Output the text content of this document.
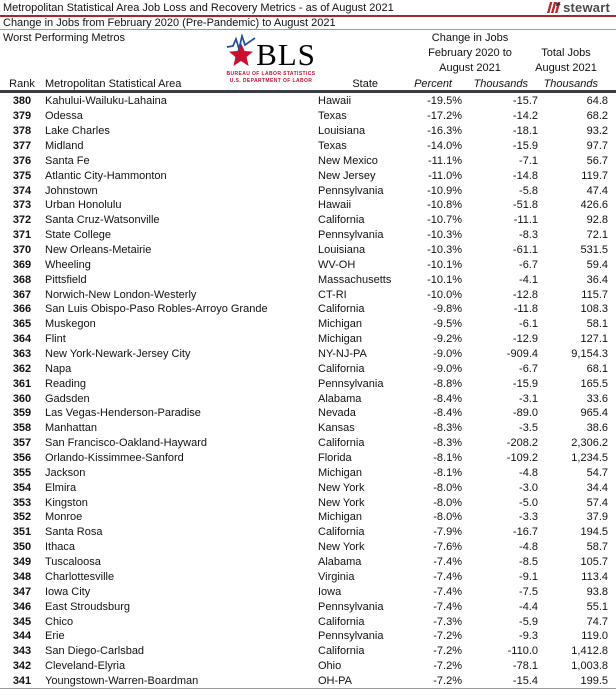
Metropolitan Statistical Area Job Loss and Recovery Metrics - as of August 2021	stewart
Change in Jobs from February 2020 (Pre-Pandemic) to August 2021
Worst Performing Metros	BLS
BUREAU OF LABOR STATISTICS
U.S. DEPARTMENT OF LABOR
Change in Jobs
February 2020 to
August 2021
Total Jobs
August 2021
Rank Metropolitan Statistical Area	State	Percent	Thousands	Thousands
380	Kahului-Wailuku-Lahaina	Hawaii	-19.5%	-15.7	64.8
379	Odessa	Texas	-17.2%	-14.2	68.2
378	Lake Charles	Louisiana	-16.3%	-18.1	93.2
377	Midland	Texas	-14.0%	-15.9	97.7
376	Santa Fe	New Mexico	-11.1%	-7.1	56.7
375	Atlantic City-Hammonton	New Jersey	-11.0%	-14.8	119.7
374	Johnstown	Pennsylvania	-10.9%	-5.8	47.4
373	Urban Honolulu	Hawaii	-10.8%	-51.8	426.6
372	Santa Cruz-Watsonville	California	-10.7%	-11.1	92.8
371	State College	Pennsylvania	-10.3%	-8.3	72.1
370	New Orleans-Metairie	Louisiana	-10.3%	-61.1	531.5
369	Wheeling	WV-OH	-10.1%	-6.7	59.4
368	Pittsfield	Massachusetts	-10.1%	-4.1	36.4
367	Norwich-New London-Westerly	CT-RI	-10.0%	-12.8	115.7
366	San Luis Obispo-Paso Robles-Arroyo Grande	California	-9.8%	-11.8	108.3
365	Muskegon	Michigan	-9.5%	-6.1	58.1
364	Flint	Michigan	-9.2%	-12.9	127.1
363	New York-Newark-Jersey City	NY-NJ-PA	-9.0%	-909.4	9,154.3
362	Napa	California	-9.0%	-6.7	68.1
361	Reading	Pennsylvania	-8.8%	-15.9	165.5
360	Gadsden	Alabama	-8.4%	-3.1	33.6
359	Las Vegas-Henderson-Paradise	Nevada	-8.4%	-89.0	965.4
358	Manhattan	Kansas	-8.3%	-3.5	38.6
357	San Francisco-Oakland-Hayward	California	-8.3%	-208.2	2,306.2
356	Orlando-Kissimmee-Sanford	Florida	-8.1%	-109.2	1,234.5
355	Jackson	Michigan	-8.1%	-4.8	54.7
354	Elmira	New York	-8.0%	-3.0	34.4
353	Kingston	New York	-8.0%	-5.0	57.4
352	Monroe	Michigan	-8.0%	-3.3	37.9
351	Santa Rosa	California	-7.9%	-16.7	194.5
350	Ithaca	New York	-7.6%	-4.8	58.7
349	Tuscaloosa	Alabama	-7.4%	-8.5	105.7
348	Charlottesville	Virginia	-7.4%	-9.1	113.4
347	Iowa City	Iowa	-7.4%	-7.5	93.8
346	East Stroudsburg	Pennsylvania	-7.4%	-4.4	55.1
345	Chico	California	-7.3%	-5.9	74.7
344	Erie	Pennsylvania	-7.2%	-9.3	119.0
343	San Diego-Carlsbad	California	-7.2%	-110.0	1,412.8
342	Cleveland-Elyria	Ohio	-7.2%	-78.1	1,003.8
341	Youngstown-Warren-Boardman	OH-PA	-7.2%	-15.4	199.5
